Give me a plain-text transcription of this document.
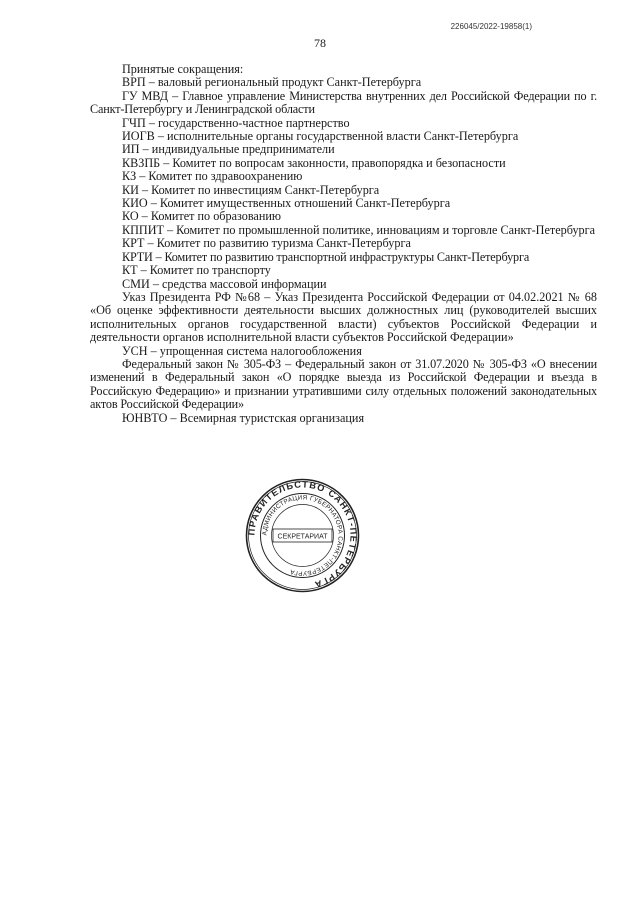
226045/2022-19858(1)
78

Принятые сокращения:

ВРП – валовый региональный продукт Санкт-Петербурга

ГУ МВД – Главное управление Министерства внутренних дел Российской Федерации по г. Санкт-Петербургу и Ленинградской области

ГЧП – государственно-частное партнерство

ИОГВ – исполнительные органы государственной власти Санкт-Петербурга

ИП – индивидуальные предприниматели

КВЗПБ – Комитет по вопросам законности, правопорядка и безопасности

КЗ – Комитет по здравоохранению

КИ – Комитет по инвестициям Санкт-Петербурга

КИО – Комитет имущественных отношений Санкт-Петербурга

КО – Комитет по образованию

КППИТ – Комитет по промышленной политике, инновациям и торговле Санкт-Петербурга

КРТ – Комитет по развитию туризма Санкт-Петербурга

КРТИ – Комитет по развитию транспортной инфраструктуры Санкт-Петербурга

КТ – Комитет по транспорту

СМИ – средства массовой информации

Указ Президента РФ №68 – Указ Президента Российской Федерации от 04.02.2021 № 68 «Об оценке эффективности деятельности высших должностных лиц (руководителей высших исполнительных органов государственной власти) субъектов Российской Федерации и деятельности органов исполнительной власти субъектов Российской Федерации»

УСН – упрощенная система налогообложения

Федеральный закон № 305-ФЗ – Федеральный закон от 31.07.2020 № 305-ФЗ «О внесении изменений в Федеральный закон «О порядке выезда из Российской Федерации и въезда в Российскую Федерацию» и признании утратившими силу отдельных положений законодательных актов Российской Федерации»

ЮНВТО – Всемирная туристская организация

ПРАВИТЕЛЬСТВО САНКТ-ПЕТЕРБУРГА
АДМИНИСТРАЦИЯ ГУБЕРНАТОРА САНКТ-ПЕТЕРБУРГА
СЕКРЕТАРИАТ
